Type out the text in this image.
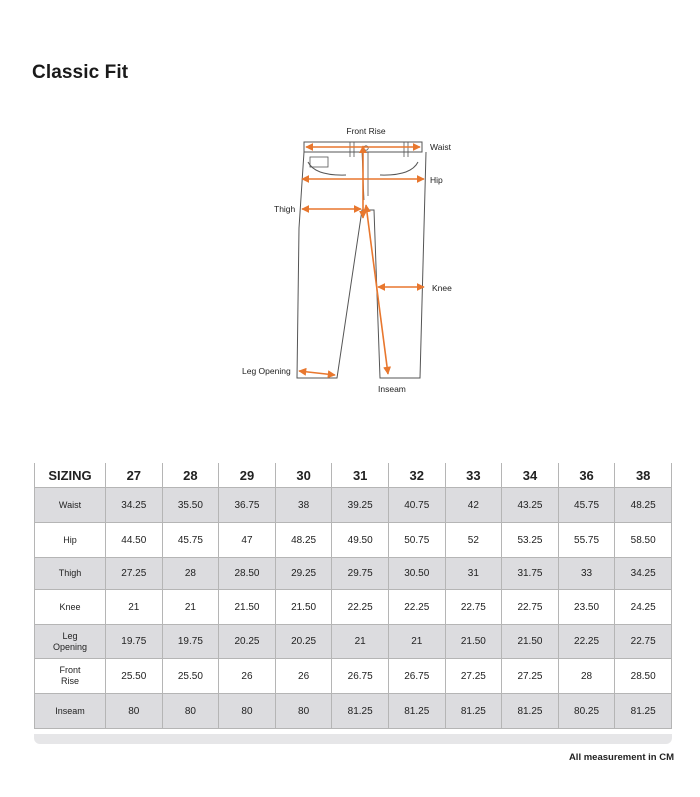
Classic Fit
Front Rise
Waist
Hip
Thigh
Knee
Leg Opening
Inseam
SIZING	27	28	29	30	31	32	33	34	36	38
Waist	34.25	35.50	36.75	38	39.25	40.75	42	43.25	45.75	48.25
Hip	44.50	45.75	47	48.25	49.50	50.75	52	53.25	55.75	58.50
Thigh	27.25	28	28.50	29.25	29.75	30.50	31	31.75	33	34.25
Knee	21	21	21.50	21.50	22.25	22.25	22.75	22.75	23.50	24.25
Leg
Opening	19.75	19.75	20.25	20.25	21	21	21.50	21.50	22.25	22.75
Front
Rise	25.50	25.50	26	26	26.75	26.75	27.25	27.25	28	28.50
Inseam	80	80	80	80	81.25	81.25	81.25	81.25	80.25	81.25
All measurement in CM
